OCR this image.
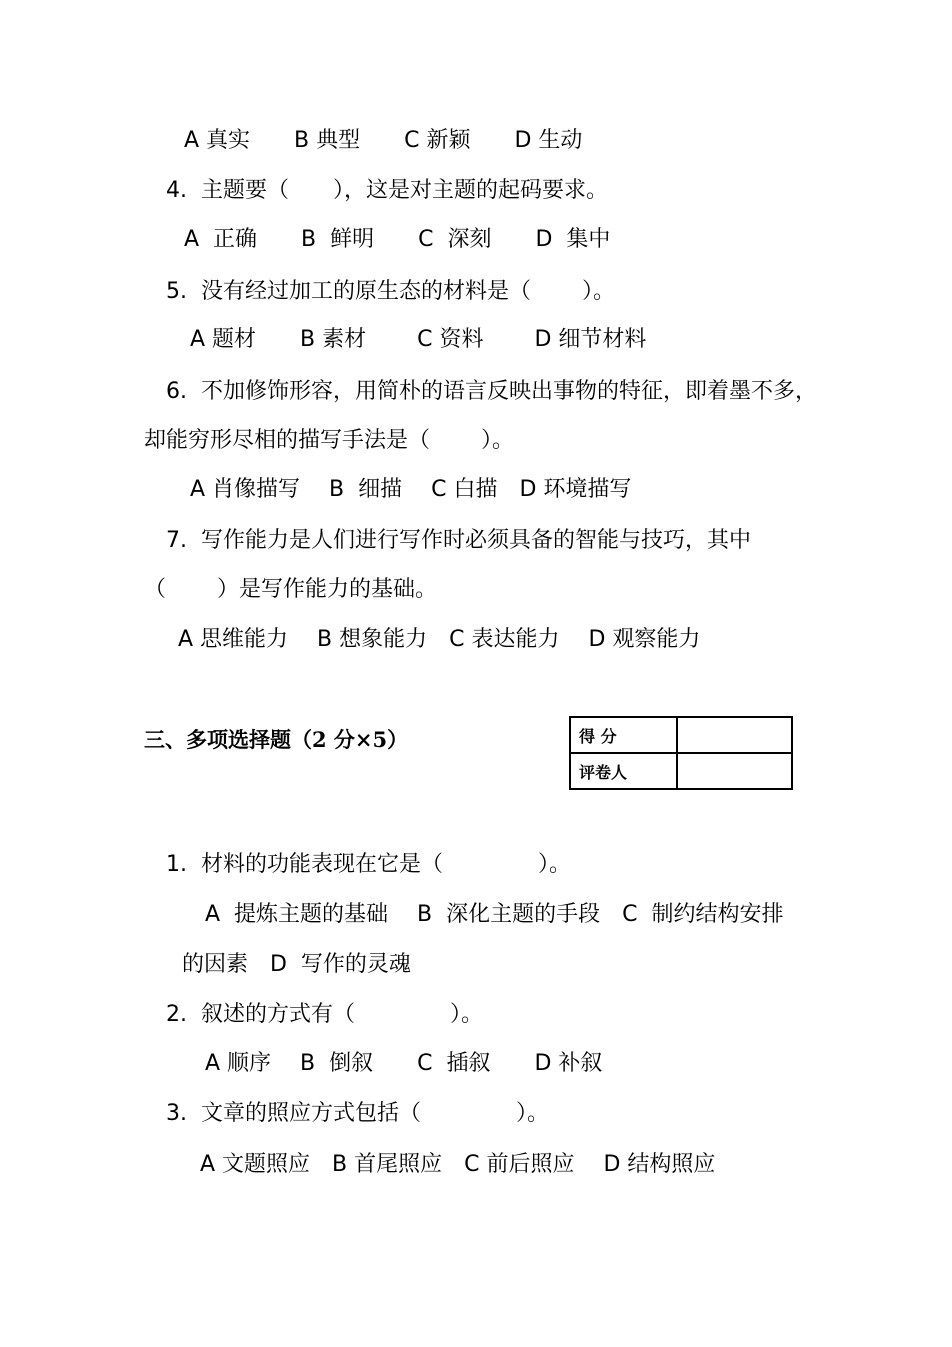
A 真实　　B 典型　　C 新颖　　D 生动

4.  主题要（　　），这是对主题的起码要求。

A  正确　　B  鲜明　　C  深刻　　D  集中

5.  没有经过加工的原生态的材料是（　　 ）。

A 题材　　B 素材　　 C 资料　　 D 细节材料

6.  不加修饰形容，用简朴的语言反映出事物的特征，即着墨不多，

却能穷形尽相的描写手法是（　　 ）。

A 肖像描写　 B  细描　 C 白描　D 环境描写

7.  写作能力是人们进行写作时必须具备的智能与技巧，其中

（　　 ）是写作能力的基础。

A 思维能力　 B 想象能力　C 表达能力　 D 观察能力

三、多项选择题（2 分×5）	得 分	
评卷人	

1.  材料的功能表现在它是（　　　　 ）。

A  提炼主题的基础　 B  深化主题的手段　C  制约结构安排

的因素　D  写作的灵魂

2.  叙述的方式有（　　　　 ）。

A 顺序　 B  倒叙　　C  插叙　　D 补叙

3.  文章的照应方式包括（　　　　 ）。

A 文题照应　B 首尾照应　C 前后照应　 D 结构照应
